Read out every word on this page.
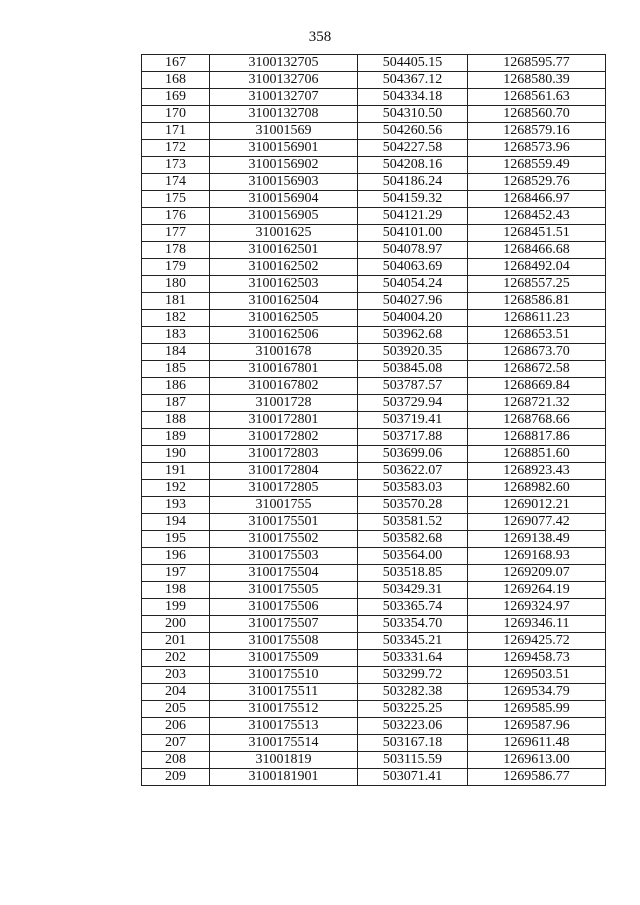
358
167	3100132705	504405.15	1268595.77
168	3100132706	504367.12	1268580.39
169	3100132707	504334.18	1268561.63
170	3100132708	504310.50	1268560.70
171	31001569	504260.56	1268579.16
172	3100156901	504227.58	1268573.96
173	3100156902	504208.16	1268559.49
174	3100156903	504186.24	1268529.76
175	3100156904	504159.32	1268466.97
176	3100156905	504121.29	1268452.43
177	31001625	504101.00	1268451.51
178	3100162501	504078.97	1268466.68
179	3100162502	504063.69	1268492.04
180	3100162503	504054.24	1268557.25
181	3100162504	504027.96	1268586.81
182	3100162505	504004.20	1268611.23
183	3100162506	503962.68	1268653.51
184	31001678	503920.35	1268673.70
185	3100167801	503845.08	1268672.58
186	3100167802	503787.57	1268669.84
187	31001728	503729.94	1268721.32
188	3100172801	503719.41	1268768.66
189	3100172802	503717.88	1268817.86
190	3100172803	503699.06	1268851.60
191	3100172804	503622.07	1268923.43
192	3100172805	503583.03	1268982.60
193	31001755	503570.28	1269012.21
194	3100175501	503581.52	1269077.42
195	3100175502	503582.68	1269138.49
196	3100175503	503564.00	1269168.93
197	3100175504	503518.85	1269209.07
198	3100175505	503429.31	1269264.19
199	3100175506	503365.74	1269324.97
200	3100175507	503354.70	1269346.11
201	3100175508	503345.21	1269425.72
202	3100175509	503331.64	1269458.73
203	3100175510	503299.72	1269503.51
204	3100175511	503282.38	1269534.79
205	3100175512	503225.25	1269585.99
206	3100175513	503223.06	1269587.96
207	3100175514	503167.18	1269611.48
208	31001819	503115.59	1269613.00
209	3100181901	503071.41	1269586.77
